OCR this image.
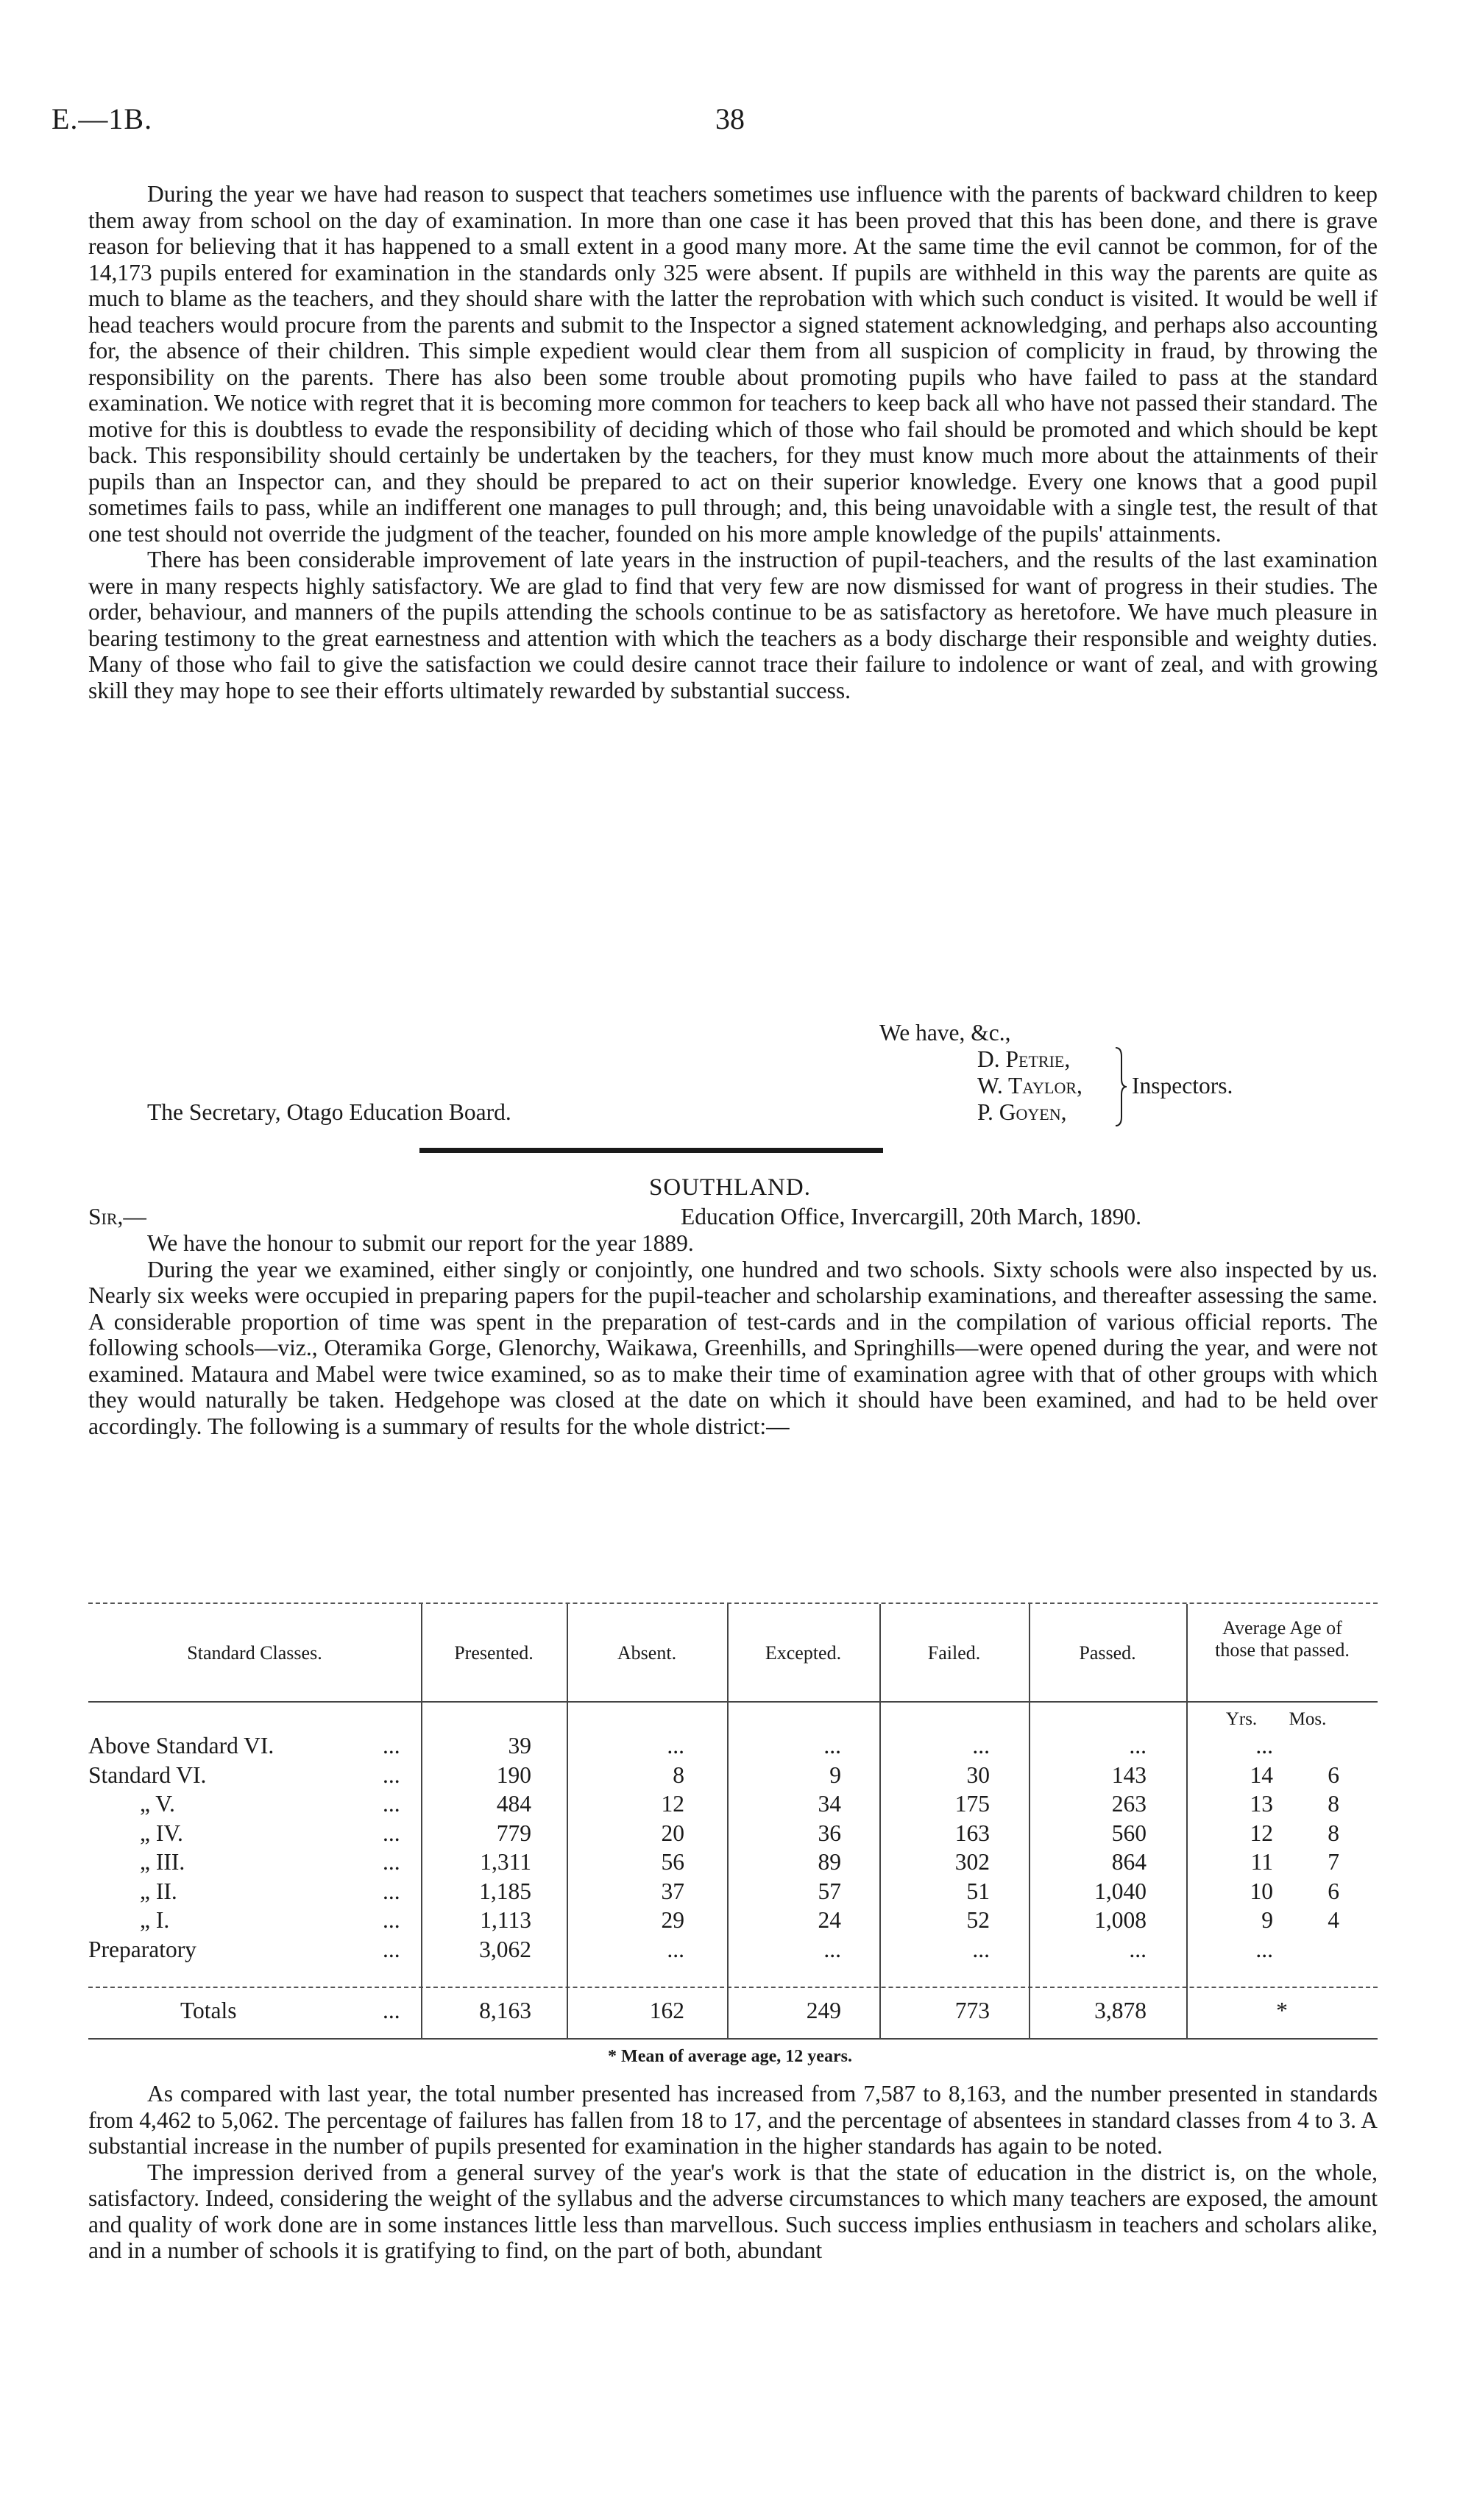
E.—1B.	38

During the year we have had reason to suspect that teachers sometimes use influence with the parents of backward children to keep them away from school on the day of examination. In more than one case it has been proved that this has been done, and there is grave reason for believing that it has happened to a small extent in a good many more. At the same time the evil cannot be common, for of the 14,173 pupils entered for examination in the standards only 325 were absent. If pupils are withheld in this way the parents are quite as much to blame as the teachers, and they should share with the latter the reprobation with which such conduct is visited. It would be well if head teachers would procure from the parents and submit to the Inspector a signed statement acknowledging, and perhaps also accounting for, the absence of their children. This simple expedient would clear them from all suspicion of complicity in fraud, by throwing the responsibility on the parents. There has also been some trouble about promoting pupils who have failed to pass at the standard examination. We notice with regret that it is becoming more common for teachers to keep back all who have not passed their standard. The motive for this is doubtless to evade the responsibility of deciding which of those who fail should be promoted and which should be kept back. This responsibility should certainly be undertaken by the teachers, for they must know much more about the attainments of their pupils than an Inspector can, and they should be prepared to act on their superior knowledge. Every one knows that a good pupil sometimes fails to pass, while an indifferent one manages to pull through; and, this being unavoidable with a single test, the result of that one test should not override the judgment of the teacher, founded on his more ample knowledge of the pupils' attainments.

There has been considerable improvement of late years in the instruction of pupil-teachers, and the results of the last examination were in many respects highly satisfactory. We are glad to find that very few are now dismissed for want of progress in their studies. The order, behaviour, and manners of the pupils attending the schools continue to be as satisfactory as heretofore. We have much pleasure in bearing testimony to the great earnestness and attention with which the teachers as a body discharge their responsible and weighty duties. Many of those who fail to give the satisfaction we could desire cannot trace their failure to indolence or want of zeal, and with growing skill they may hope to see their efforts ultimately rewarded by substantial success.

We have, &c.,
D. Petrie,
W. Taylor,
P. Goyen,
Inspectors.
The Secretary, Otago Education Board.
SOUTHLAND.
Sir,—	Education Office, Invercargill, 20th March, 1890.

We have the honour to submit our report for the year 1889.

During the year we examined, either singly or conjointly, one hundred and two schools. Sixty schools were also inspected by us. Nearly six weeks were occupied in preparing papers for the pupil-teacher and scholarship examinations, and thereafter assessing the same. A considerable proportion of time was spent in the preparation of test-cards and in the compilation of various official reports. The following schools—viz., Oteramika Gorge, Glenorchy, Waikawa, Greenhills, and Springhills—were opened during the year, and were not examined. Mataura and Mabel were twice examined, so as to make their time of examination agree with that of other groups with which they would naturally be taken. Hedgehope was closed at the date on which it should have been examined, and had to be held over accordingly. The following is a summary of results for the whole district:—

Standard Classes.	Presented.	Absent.	Excepted.	Failed.	Passed.
Average Age of those that passed.
Yrs.	Mos.
Above Standard VI.	...	39	...	...	...	...	...
Standard VI.	...	190	8	9	30	143	14	6
„ V.	...	484	12	34	175	263	13	8
„ IV.	...	779	20	36	163	560	12	8
„ III.	...	1,311	56	89	302	864	11	7
„ II.	...	1,185	37	57	51	1,040	10	6
„ I.	...	1,113	29	24	52	1,008	9	4
Preparatory	...	3,062	...	...	...	...	...
Totals	...	8,163	162	249	773	3,878	*
* Mean of average age, 12 years.

As compared with last year, the total number presented has increased from 7,587 to 8,163, and the number presented in standards from 4,462 to 5,062. The percentage of failures has fallen from 18 to 17, and the percentage of absentees in standard classes from 4 to 3. A substantial increase in the number of pupils presented for examination in the higher standards has again to be noted.

The impression derived from a general survey of the year's work is that the state of education in the district is, on the whole, satisfactory. Indeed, considering the weight of the syllabus and the adverse circumstances to which many teachers are exposed, the amount and quality of work done are in some instances little less than marvellous. Such success implies enthusiasm in teachers and scholars alike, and in a number of schools it is gratifying to find, on the part of both, abundant
